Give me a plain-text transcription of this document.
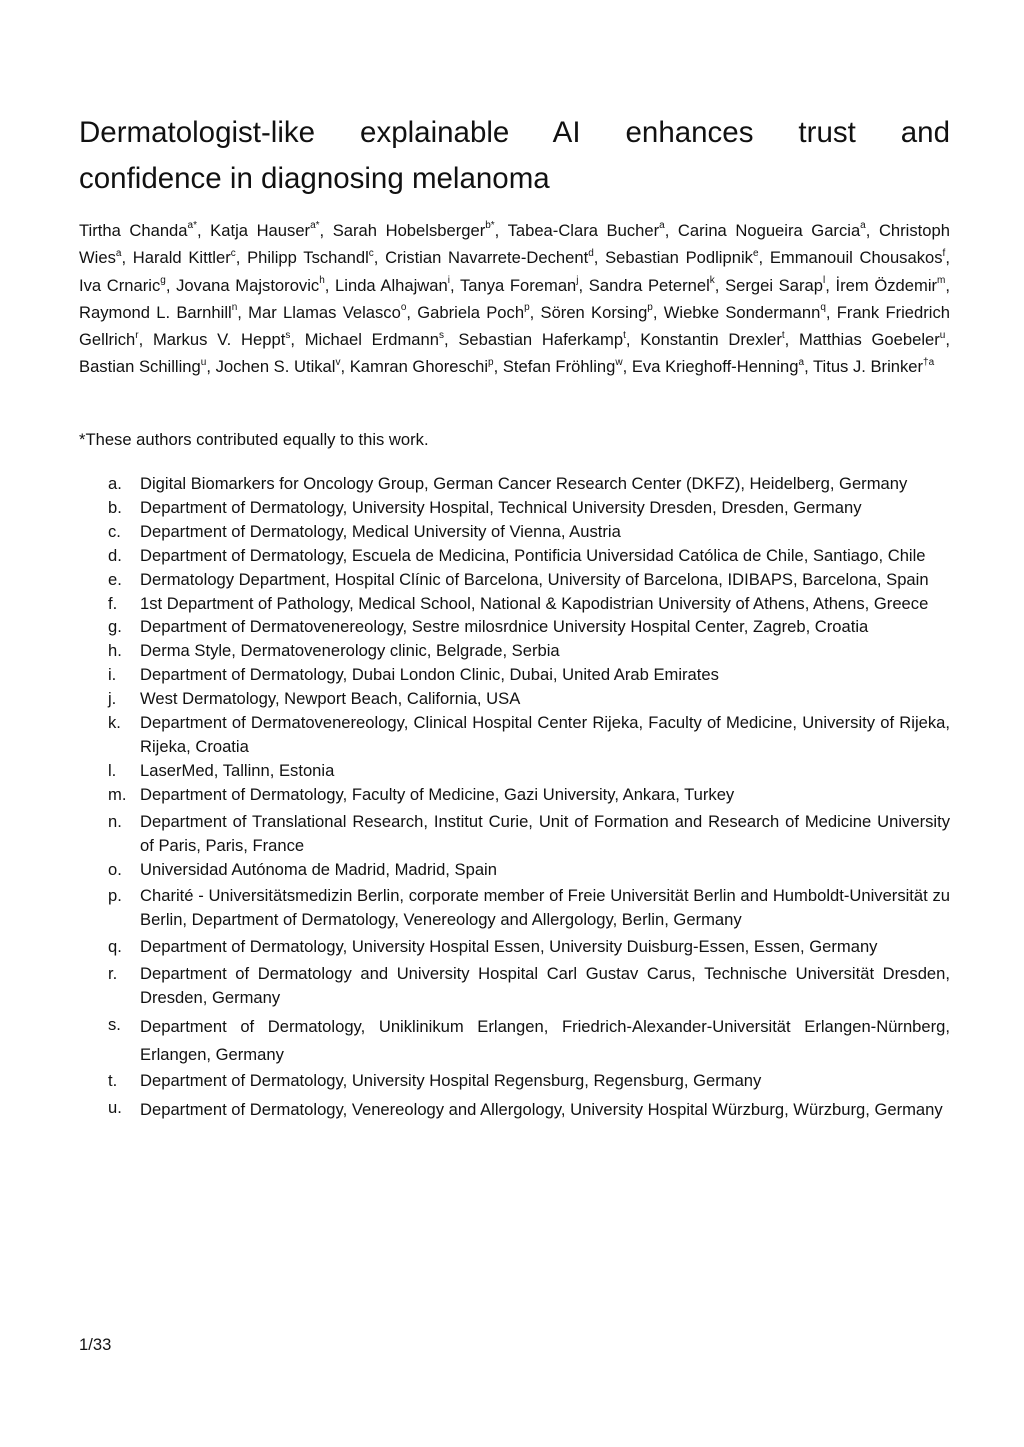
Dermatologist-like explainable AI enhances trust and
confidence in diagnosing melanoma

Tirtha Chanda$^{a*}$, Katja Hauser$^{a*}$, Sarah Hobelsberger$^{b*}$, Tabea-Clara Bucher$^a$, Carina Nogueira Garcia$^a$, Christoph Wies$^a$, Harald Kittler$^c$, Philipp Tschandl$^c$, Cristian Navarrete-Dechent$^d$, Sebastian Podlipnik$^e$, Emmanouil Chousakos$^f$, Iva Crnaric$^g$, Jovana Majstorovic$^h$, Linda Alhajwan$^i$, Tanya Foreman$^j$, Sandra Peternel$^k$, Sergei Sarap$^l$, İrem Özdemir$^m$, Raymond L. Barnhill$^n$, Mar Llamas Velasco$^o$, Gabriela Poch$^p$, Sören Korsing$^p$, Wiebke Sondermann$^q$, Frank Friedrich Gellrich$^r$, Markus V. Heppt$^s$, Michael Erdmann$^s$, Sebastian Haferkamp$^t$, Konstantin Drexler$^t$, Matthias Goebeler$^u$, Bastian Schilling$^u$, Jochen S. Utikal$^v$, Kamran Ghoreschi$^p$, Stefan Fröhling$^w$, Eva Krieghoff-Henning$^a$, Titus J. Brinker$^{\dagger a}$

*These authors contributed equally to this work.

a.	Digital Biomarkers for Oncology Group, German Cancer Research Center (DKFZ), Heidelberg, Germany
b.	Department of Dermatology, University Hospital, Technical University Dresden, Dresden, Germany
c.	Department of Dermatology, Medical University of Vienna, Austria
d.	Department of Dermatology, Escuela de Medicina, Pontificia Universidad Católica de Chile, Santiago, Chile
e.	Dermatology Department, Hospital Clínic of Barcelona, University of Barcelona, IDIBAPS, Barcelona, Spain
f.	1st Department of Pathology, Medical School, National & Kapodistrian University of Athens, Athens, Greece
g.	Department of Dermatovenereology, Sestre milosrdnice University Hospital Center, Zagreb, Croatia
h.	Derma Style, Dermatovenerology clinic, Belgrade, Serbia
i.	Department of Dermatology, Dubai London Clinic, Dubai, United Arab Emirates
j.	West Dermatology, Newport Beach, California, USA
k.	Department of Dermatovenereology, Clinical Hospital Center Rijeka, Faculty of Medicine, University of Rijeka, Rijeka, Croatia
l.	LaserMed, Tallinn, Estonia
m. Department of Dermatology, Faculty of Medicine, Gazi University, Ankara, Turkey
n.	Department of Translational Research, Institut Curie, Unit of Formation and Research of Medicine University of Paris, Paris, France
o.	Universidad Autónoma de Madrid, Madrid, Spain
p.	Charité - Universitätsmedizin Berlin, corporate member of Freie Universität Berlin and Humboldt-Universität zu Berlin, Department of Dermatology, Venereology and Allergology, Berlin, Germany
q.	Department of Dermatology, University Hospital Essen, University Duisburg-Essen, Essen, Germany
r.	Department of Dermatology and University Hospital Carl Gustav Carus, Technische Universität Dresden, Dresden, Germany
s.	Department of Dermatology, Uniklinikum Erlangen, Friedrich-Alexander-Universität Erlangen-Nürnberg, Erlangen, Germany
t.	Department of Dermatology, University Hospital Regensburg, Regensburg, Germany
u.	Department of Dermatology, Venereology and Allergology, University Hospital Würzburg, Würzburg, Germany

1/33
